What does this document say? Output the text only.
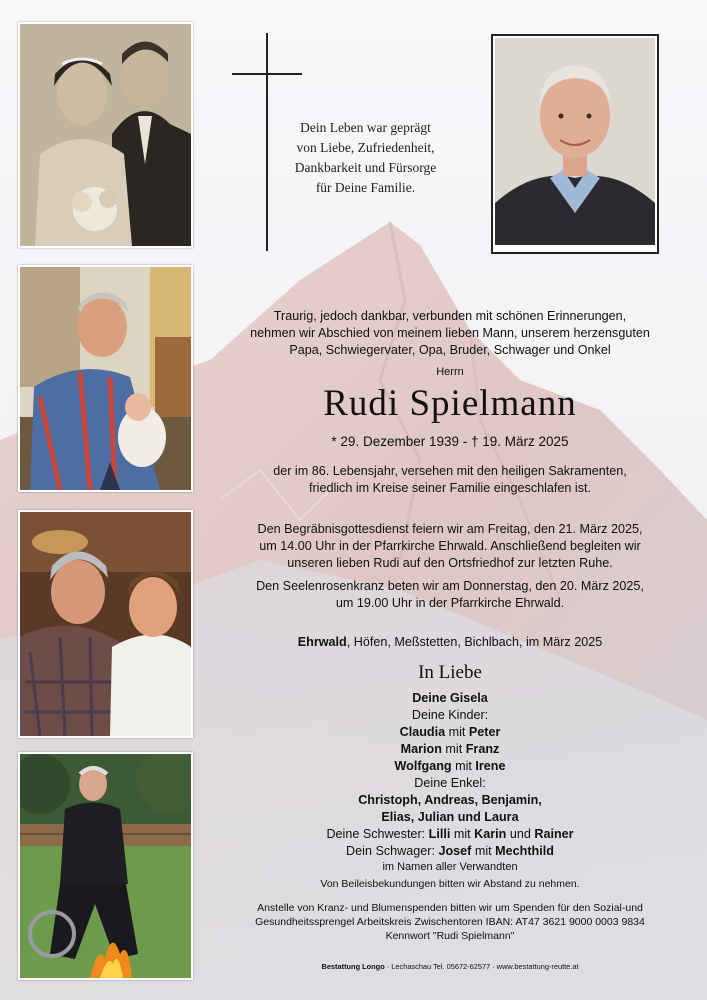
Dein Leben war geprägt
von Liebe, Zufriedenheit,
Dankbarkeit und Fürsorge
für Deine Familie.
Traurig, jedoch dankbar, verbunden mit schönen Erinnerungen,
nehmen wir Abschied von meinem lieben Mann, unserem herzensguten
Papa, Schwiegervater, Opa, Bruder, Schwager und Onkel
Herrn
Rudi Spielmann
* 29. Dezember 1939 - † 19. März 2025
der im 86. Lebensjahr, versehen mit den heiligen Sakramenten,
friedlich im Kreise seiner Familie eingeschlafen ist.
Den Begräbnisgottesdienst feiern wir am Freitag, den 21. März 2025,
um 14.00 Uhr in der Pfarrkirche Ehrwald. Anschließend begleiten wir
unseren lieben Rudi auf den Ortsfriedhof zur letzten Ruhe.
Den Seelenrosenkranz beten wir am Donnerstag, den 20. März 2025,
um 19.00 Uhr in der Pfarrkirche Ehrwald.
Ehrwald, Höfen, Meßstetten, Bichlbach, im März 2025
In Liebe

Deine Gisela

Deine Kinder:

Claudia mit Peter

Marion mit Franz

Wolfgang mit Irene

Deine Enkel:

Christoph, Andreas, Benjamin,

Elias, Julian und Laura

Deine Schwester: Lilli mit Karin und Rainer

Dein Schwager: Josef mit Mechthild

im Namen aller Verwandten

Von Beileisbekundungen bitten wir Abstand zu nehmen.
Anstelle von Kranz- und Blumenspenden bitten wir um Spenden für den Sozial-und
Gesundheitssprengel Arbeitskreis Zwischentoren IBAN: AT47 3621 9000 0003 9834
Kennwort "Rudi Spielmann"
Bestattung Longo · Lechaschau Tel. 05672-62577 · www.bestattung-reutte.at
